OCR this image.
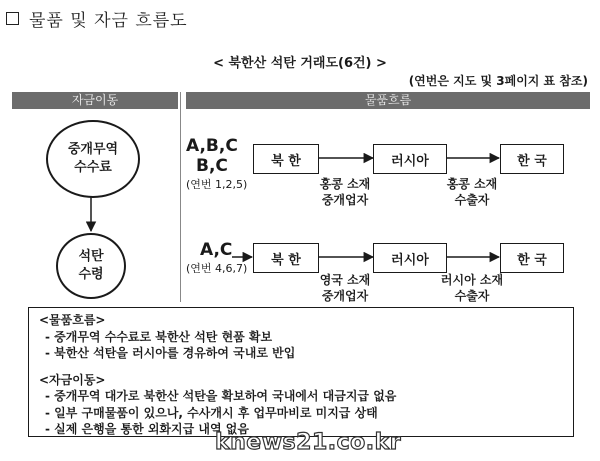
물품 및 자금 흐름도
< 북한산 석탄 거래도(6건) >
(연번은 지도 및 3페이지 표 참조)
자금이동	물품흐름
중개무역
수수료
석탄
수령
A,B,C
B,C
(연번 1,2,5)
북 한	러시아	한 국
홍콩 소재
중개업자
홍콩 소재
수출자
A,C
(연번 4,6,7)
북 한	러시아	한 국
영국 소재
중개업자
러시아 소재
수출자
<물품흐름>
- 중개무역 수수료로 북한산 석탄 현품 확보
- 북한산 석탄을 러시아를 경유하여 국내로 반입
<자금이동>
- 중개무역 대가로 북한산 석탄을 확보하여 국내에서 대금지급 없음
- 일부 구매물품이 있으나, 수사개시 후 업무마비로 미지급 상태
- 실제 은행을 통한 외화지급 내역 없음
knews21.co.kr
